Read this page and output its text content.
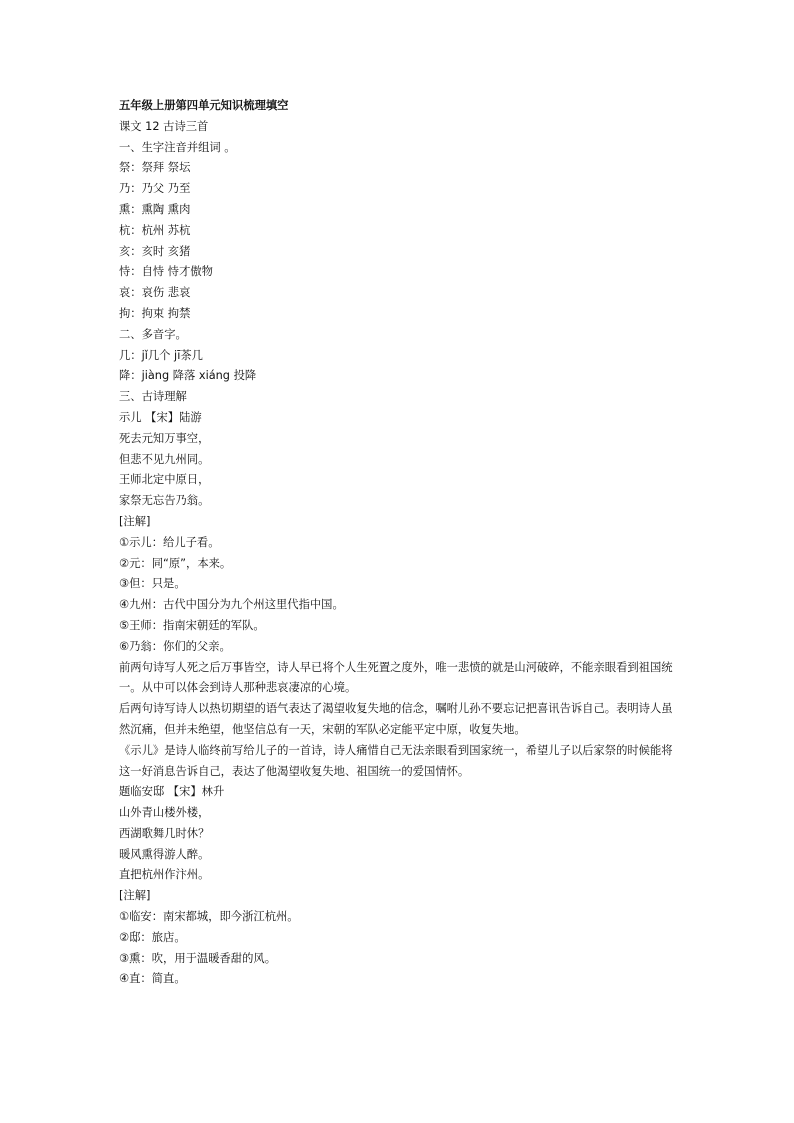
五年级上册第四单元知识梳理填空
课文 12 古诗三首
一、生字注音并组词 。
祭：祭拜 祭坛
乃：乃父 乃至
熏：熏陶 熏肉
杭：杭州 苏杭
亥：亥时 亥猪
恃：自恃 恃才傲物
哀：哀伤 悲哀
拘：拘束 拘禁
二、多音字。
几：jǐ几个 jī茶几
降：jiàng 降落 xiáng 投降
三、古诗理解
示儿 【宋】陆游
死去元知万事空，
但悲不见九州同。
王师北定中原日，
家祭无忘告乃翁。
[注解]
①示儿：给儿子看。
②元：同“原”，本来。
③但：只是。
④九州：古代中国分为九个州这里代指中国。
⑤王师：指南宋朝廷的军队。
⑥乃翁：你们的父亲。
前两句诗写人死之后万事皆空，诗人早已将个人生死置之度外，唯一悲愤的就是山河破碎，不能亲眼看到祖国统一。从中可以体会到诗人那种悲哀凄凉的心境。
后两句诗写诗人以热切期望的语气表达了渴望收复失地的信念，嘱咐儿孙不要忘记把喜讯告诉自己。表明诗人虽然沉痛，但并未绝望，他坚信总有一天，宋朝的军队必定能平定中原，收复失地。
《示儿》是诗人临终前写给儿子的一首诗，诗人痛惜自己无法亲眼看到国家统一，希望儿子以后家祭的时候能将这一好消息告诉自己，表达了他渴望收复失地、祖国统一的爱国情怀。
题临安邸 【宋】林升
山外青山楼外楼，
西湖歌舞几时休？
暖风熏得游人醉。
直把杭州作汴州。
[注解]
①临安：南宋都城，即今浙江杭州。
②邸：旅店。
③熏：吹，用于温暖香甜的风。
④直：简直。
